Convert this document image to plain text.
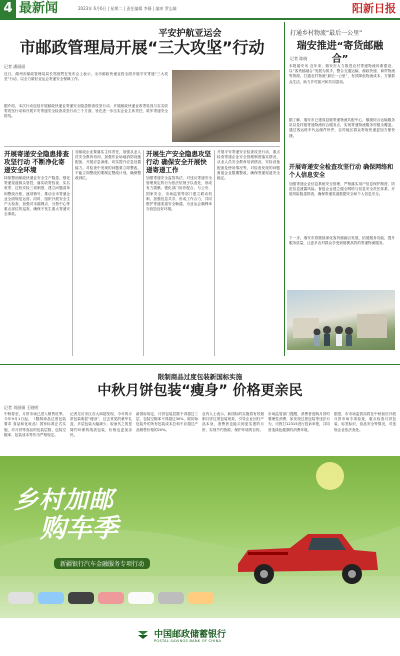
4 最新闻	2023年 6月6日 | 星期二 | 责任编辑 李静 | 编审 罗志雄	阳新日报
平安护航亚运会
市邮政管理局开展“三大攻坚”行动
记者 潘丽丽
近日，湖州市邮政管理局局长郑庭赞在发布会上表示，全市邮政快递业将全面开展平安寄递“三大攻坚”行动，以全力做好亚运会寄递安全保障工作。
据介绍，本次行动包括开展邮政快递业寄递安全隐患排查攻坚行动、开展邮政快递业收寄验视与实名收寄攻坚行动和开展平安寄递安全检查攻坚行动三个方面，旨在进一步压实企业主体责任，筑牢寄递安全防线。
开展寄递安全隐患排查攻坚行动 不断净化寄递安全环境
持续整治邮政快递业安全生产隐患，强化寄递渠道源头管控，落实收寄验视、实名收寄、过机安检三项制度，建立问题清单和整改台账，逐项销号，推动全市寄递企业全面规范运营。同时，组织开展安全生产大检查，加强对末端网点、分拨中心等重点部位的巡查，确保不发生重大寄递安全事故。
各邮政企业要落实主体责任，加强从业人员安全教育培训，加强作业场地消防设施配备，开展应急演练，切实提升应急处置能力。对检查中发现的问题要立即整改，不能立即整改的要制定整改计划，确保整改到位。
开展生产安全隐患攻坚行动 确保安全开展快递寄递工作
加强寄递安全监管执法，对违反寄递安全管理规定的行为依法依规予以查处，形成有力震慑。强化部门协作配合，与公安、国家安全、市场监管等部门建立联动机制，加强信息共享，形成工作合力，共同维护寄递渠道安全畅通，为亚运会顺利举办营造良好环境。
开展平安寄递安全检查攻坚行动，重点检查寄递企业安全管理制度落实情况、从业人员安全教育培训情况、安检设备配备及使用情况等，对检查发现的问题督促企业限期整改，确保寄递渠道安全稳定。
打通乡村物流“最后一公里”
瑞安推进“寄货邮融合”
记者 陈晓
本报瑞安讯 近年来，瑞安市大力推进农村寄递物流体系建设，以“客货邮融合”发展为抓手，整合交通运输、邮政快递、商贸物流等资源，打通农村物流“最后一公里”，有效降低物流成本，方便群众生活，助力乡村振兴和共同富裕。
据了解，瑞安市已建成县级寄递物流共配中心，镇级综合运输服务站以及村级寄递物流综合服务点，实现寄递物流服务村级全覆盖。通过客运班车代运邮件快件，农村地区群众寄取快递更加方便快捷。
开展寄递安全检查攻坚行动 确保网络和个人信息安全
加强寄递企业信息系统安全管理，严格落实用户信息保护制度，防范信息泄露风险。督促企业建立健全网络与信息安全责任体系，开展风险隐患排查，确保寄递渠道数据安全和个人信息安全。
下一步，瑞安市将继续深化客货邮融合发展，拓展服务功能，提升服务质量，让更多农村群众享受到便捷高效的寄递物流服务。
限制商品过度包装新国标实施
中秋月饼包装“瘦身” 价格更亲民
记者 刘丽娟 王晓明
中秋将至，月饼市场已进入销售旺季。今年9月1日起，《限制商品过度包装要求 食品和化妆品》国家标准正式实施，对月饼等食品的包装层数、包装空隙率、包装成本等作出严格规定。
记者走访市区各大商超发现，今年的月饼包装明显“瘦身”，过去常见的豪华礼盒、多层包装大幅减少，取而代之的是简约环保的纸质包装，价格也更加亲民。
新国标规定，月饼包装层数不得超过三层，包装空隙率不得超过30%，除初始包装外的所有包装成本总和不应超过产品销售价格的20%。
业内人士表示，新国标的实施将有效遏制月饼过度包装现象，引导企业回归产品本身，消费者也能买到更实惠的月饼，实现节约资源、保护环境的目的。
市场监管部门提醒，消费者选购月饼时要理性消费，如发现过度包装等违法行为，可拨打12315进行投诉举报，共同营造绿色健康的消费环境。
据悉，市市场监管局将在中秋前后开展月饼市场专项检查，重点检查月饼包装、标签标识、食品安全等情况，对违规企业依法查处。
乡村加邮
购车季
新疆银行汽车金融服务专项行动
中国邮政储蓄银行
POSTAL SAVINGS BANK OF CHINA
